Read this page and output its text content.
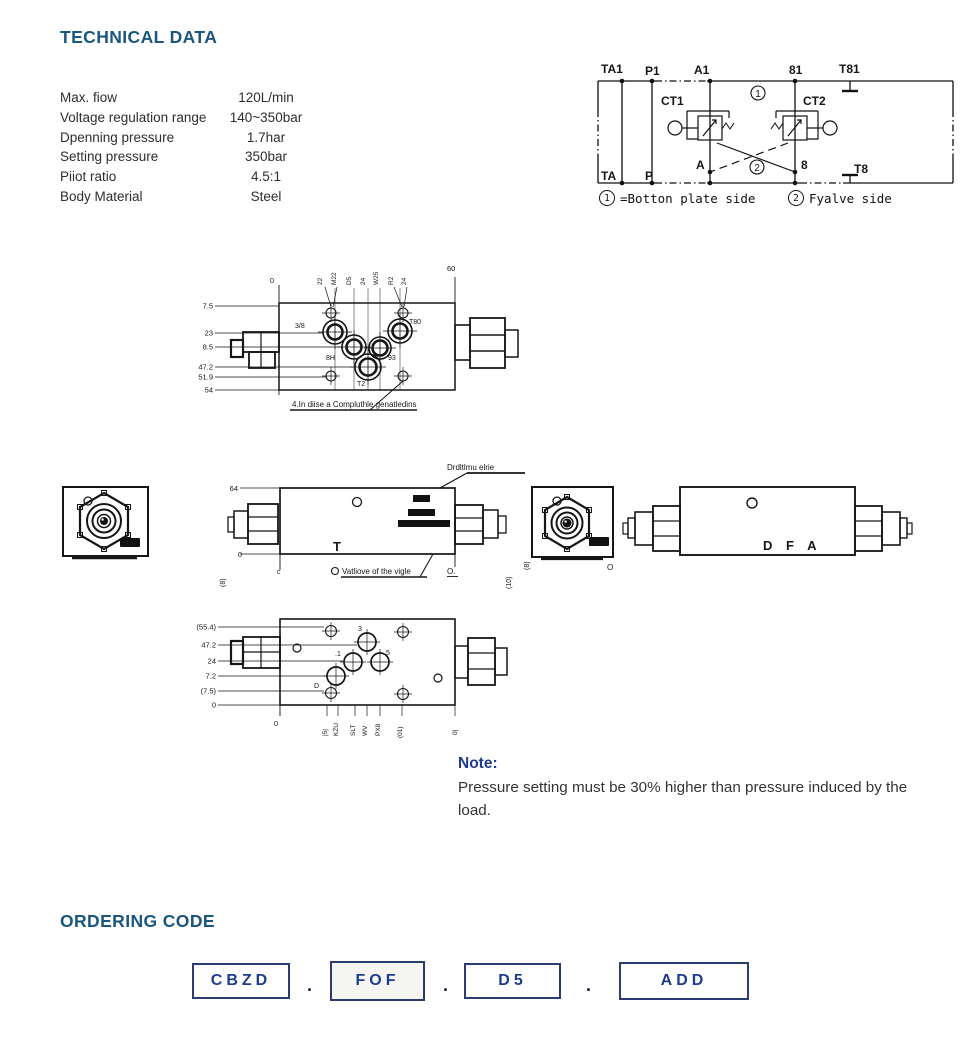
TECHNICAL DATA
Max. fiow	120L/min
Voltage regulation range	140~350bar
Dpenning pressure	1.7har
Setting pressure	350bar
Piiot ratio	4.5:1
Body Material	Steel
TA1 P1	A1	81	T81
TA P
A	8	T8
CT1	CT2
1
2
1 =Botton plate side	2 Fyalve side
7.5
23
8.5
47.2
51.9
54
0
60
22 M22 D5 24 W25 R2 24
3/8
T80
8H	93
T2
4.In diise a Compluthle genatledins
Drdltlmu elrie
Vatliove of the vigle
T
64
0
c	O.
(8)	(10)
(8)	O
D F A
(55.4)
47.2
24
7.2
(7.5)
0
3
.1	5
D
0
|5| KZU SLT WV PX8 (01)	0|

Note:

Pressure setting must be 30% higher than pressure induced by the load.

ORDERING CODE
CBZD	.	FOF	.	D5	.	ADD
